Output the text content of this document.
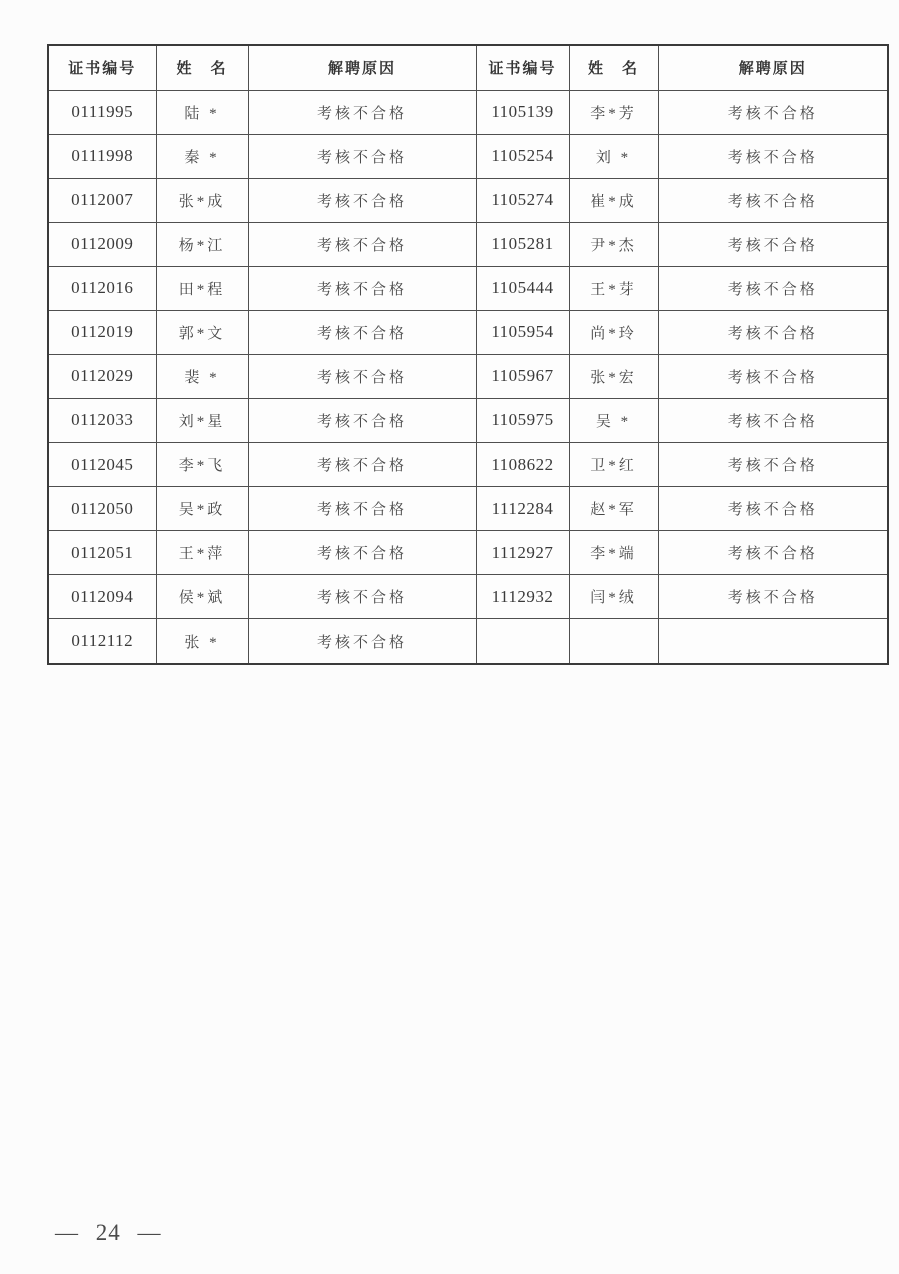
证书编号	姓　名	解聘原因	证书编号	姓　名	解聘原因
0111995	陆 *	考核不合格	1105139	李*芳	考核不合格
0111998	秦 *	考核不合格	1105254	刘 *	考核不合格
0112007	张*成	考核不合格	1105274	崔*成	考核不合格
0112009	杨*江	考核不合格	1105281	尹*杰	考核不合格
0112016	田*程	考核不合格	1105444	王*芽	考核不合格
0112019	郭*文	考核不合格	1105954	尚*玲	考核不合格
0112029	裴 *	考核不合格	1105967	张*宏	考核不合格
0112033	刘*星	考核不合格	1105975	吴 *	考核不合格
0112045	李*飞	考核不合格	1108622	卫*红	考核不合格
0112050	吴*政	考核不合格	1112284	赵*军	考核不合格
0112051	王*萍	考核不合格	1112927	李*端	考核不合格
0112094	侯*斌	考核不合格	1112932	闫*绒	考核不合格
0112112	张 *	考核不合格			
— 24 —
